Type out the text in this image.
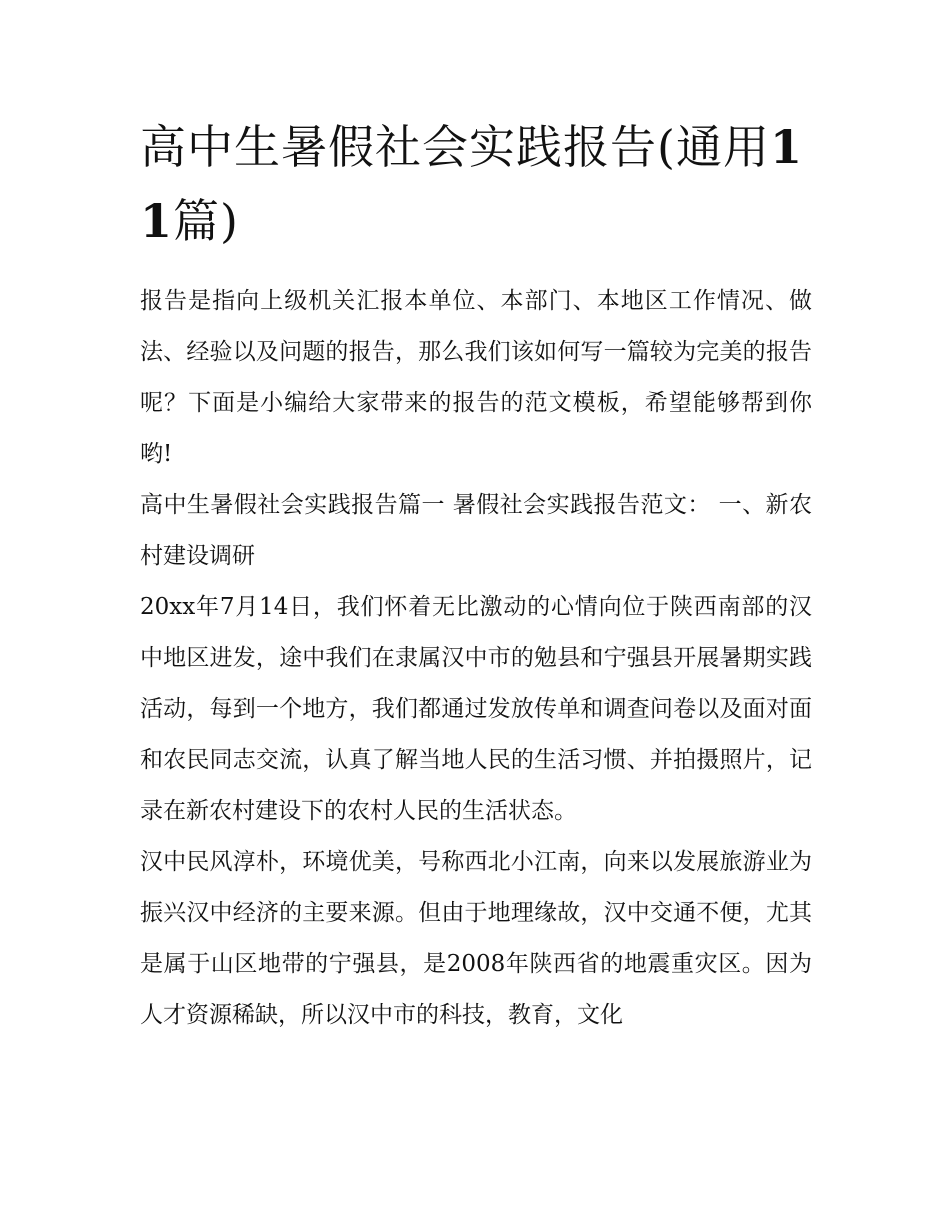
高中生暑假社会实践报告(通用11篇)

报告是指向上级机关汇报本单位、本部门、本地区工作情况、做法、经验以及问题的报告，那么我们该如何写一篇较为完美的报告呢？下面是小编给大家带来的报告的范文模板，希望能够帮到你哟!

高中生暑假社会实践报告篇一 暑假社会实践报告范文： 一、新农村建设调研

20xx年7月14日，我们怀着无比激动的心情向位于陕西南部的汉中地区进发，途中我们在隶属汉中市的勉县和宁强县开展暑期实践活动，每到一个地方，我们都通过发放传单和调查问卷以及面对面和农民同志交流，认真了解当地人民的生活习惯、并拍摄照片，记录在新农村建设下的农村人民的生活状态。

汉中民风淳朴，环境优美，号称西北小江南，向来以发展旅游业为振兴汉中经济的主要来源。但由于地理缘故，汉中交通不便，尤其是属于山区地带的宁强县，是2008年陕西省的地震重灾区。因为人才资源稀缺，所以汉中市的科技，教育，文化
